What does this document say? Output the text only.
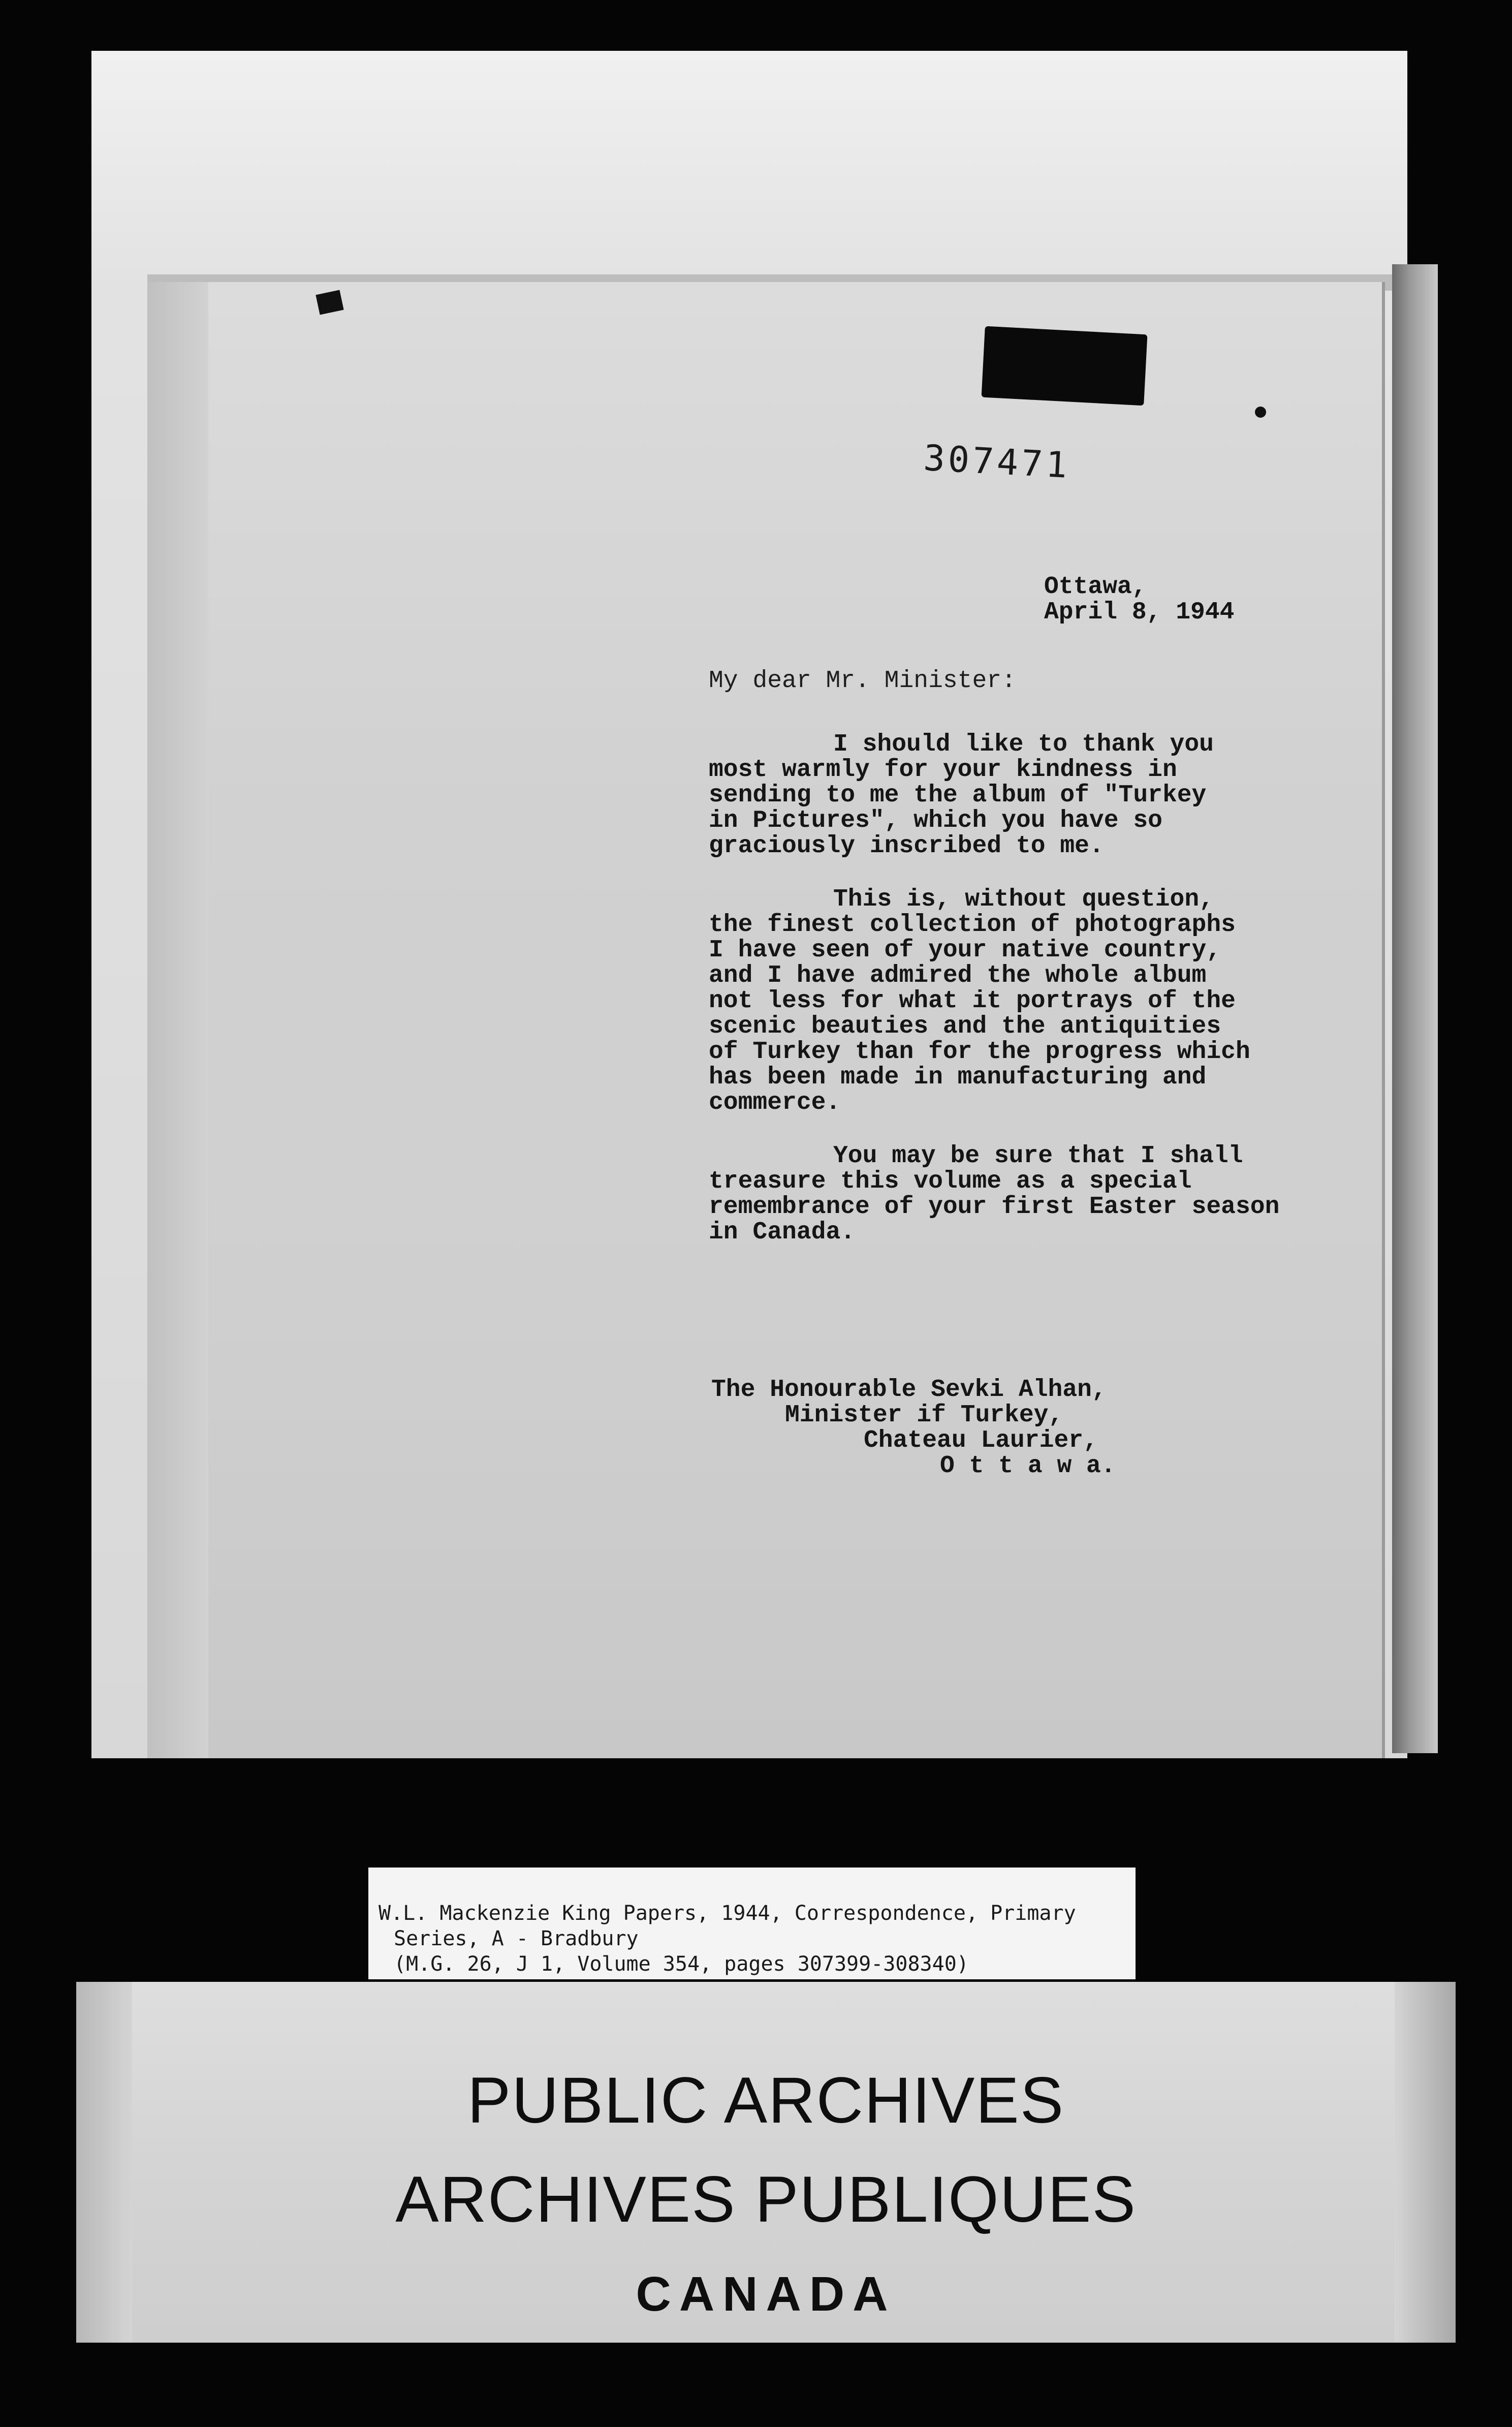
307471
Ottawa,
April 8, 1944
My dear Mr. Minister:
I should like to thank you
most warmly for your kindness in
sending to me the album of "Turkey
in Pictures", which you have so
graciously inscribed to me.
This is, without question,
the finest collection of photographs
I have seen of your native country,
and I have admired the whole album
not less for what it portrays of the
scenic beauties and the antiquities
of Turkey than for the progress which
has been made in manufacturing and
commerce.
You may be sure that I shall
treasure this volume as a special
remembrance of your first Easter season
in Canada.
The Honourable Sevki Alhan,
Minister if Turkey,
Chateau Laurier,
O t t a w a.
W.L. Mackenzie King Papers, 1944, Correspondence, Primary
Series, A - Bradbury
(M.G. 26, J 1, Volume 354, pages 307399-308340)
PUBLIC ARCHIVES
ARCHIVES PUBLIQUES
CANADA
